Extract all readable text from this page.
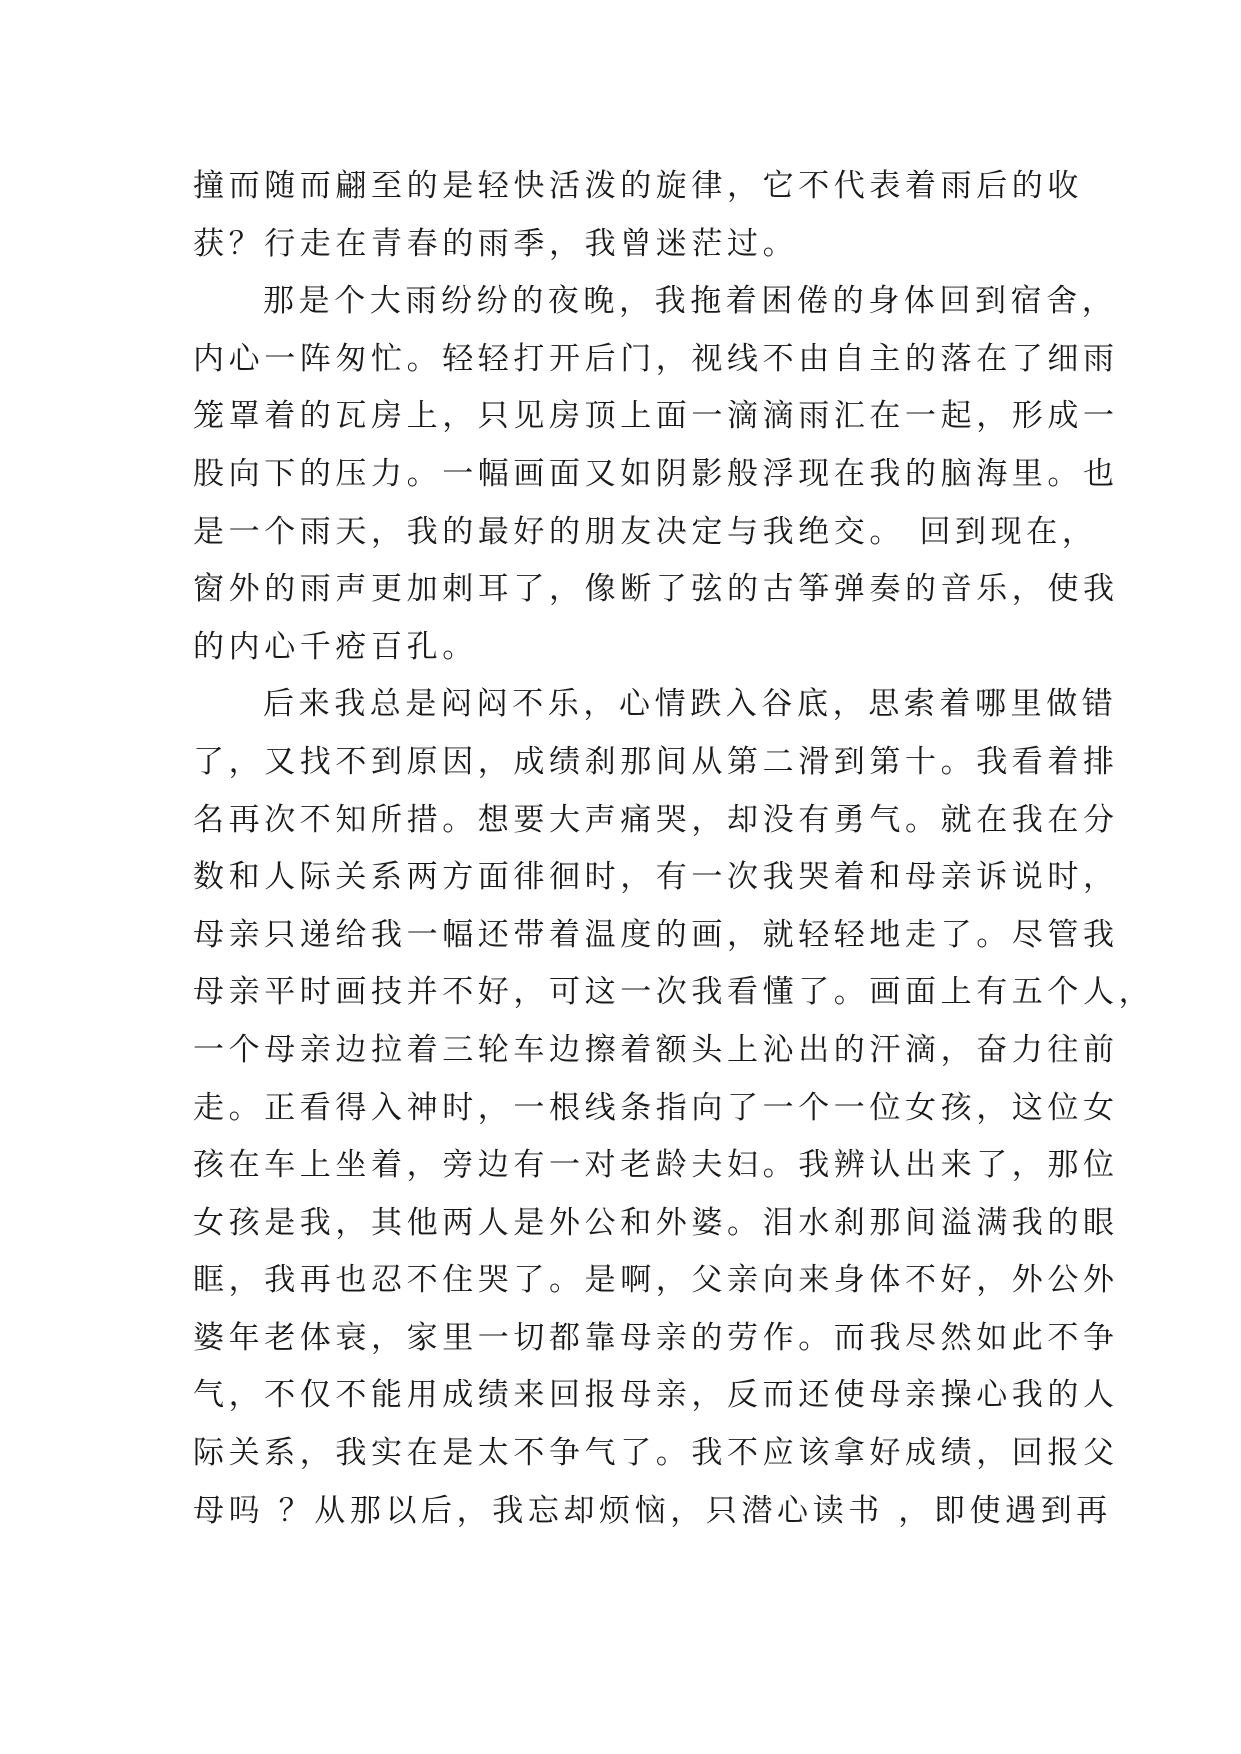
撞而随而翩至的是轻快活泼的旋律，它不代表着雨后的收
获？行走在青春的雨季，我曾迷茫过。
那是个大雨纷纷的夜晚，我拖着困倦的身体回到宿舍，
内心一阵匆忙。轻轻打开后门，视线不由自主的落在了细雨
笼罩着的瓦房上，只见房顶上面一滴滴雨汇在一起，形成一
股向下的压力。一幅画面又如阴影般浮现在我的脑海里。也
是一个雨天，我的最好的朋友决定与我绝交。 回到现在，
窗外的雨声更加刺耳了，像断了弦的古筝弹奏的音乐，使我
的内心千疮百孔。
后来我总是闷闷不乐，心情跌入谷底，思索着哪里做错
了，又找不到原因，成绩刹那间从第二滑到第十。我看着排
名再次不知所措。想要大声痛哭，却没有勇气。就在我在分
数和人际关系两方面徘徊时，有一次我哭着和母亲诉说时，
母亲只递给我一幅还带着温度的画，就轻轻地走了。尽管我
母亲平时画技并不好，可这一次我看懂了。画面上有五个人，
一个母亲边拉着三轮车边擦着额头上沁出的汗滴，奋力往前
走。正看得入神时，一根线条指向了一个一位女孩，这位女
孩在车上坐着，旁边有一对老龄夫妇。我辨认出来了，那位
女孩是我，其他两人是外公和外婆。泪水刹那间溢满我的眼
眶，我再也忍不住哭了。是啊，父亲向来身体不好，外公外
婆年老体衰，家里一切都靠母亲的劳作。而我尽然如此不争
气，不仅不能用成绩来回报母亲，反而还使母亲操心我的人
际关系，我实在是太不争气了。我不应该拿好成绩，回报父
母吗 ？从那以后，我忘却烦恼，只潜心读书 ，即使遇到再
